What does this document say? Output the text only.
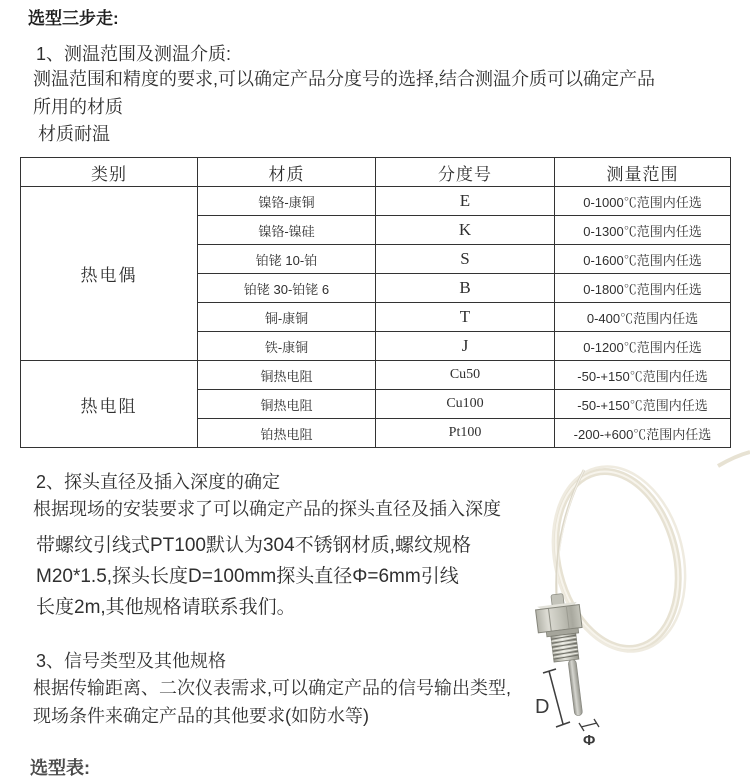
选型三步走:
1、测温范围及测温介质:
测温范围和精度的要求,可以确定产品分度号的选择,结合测温介质可以确定产品
所用的材质
材质耐温
类别	材质	分度号	测量范围
热电偶	镍铬-康铜	E	0-1000℃范围内任选
	镍铬-镍硅	K	0-1300℃范围内任选
	铂铑 10-铂	S	0-1600℃范围内任选
	铂铑 30-铂铑 6	B	0-1800℃范围内任选
	铜-康铜	T	0-400℃范围内任选
	铁-康铜	J	0-1200℃范围内任选
热电阻	铜热电阻	Cu50	-50-+150℃范围内任选
	铜热电阻	Cu100	-50-+150℃范围内任选
	铂热电阻	Pt100	-200-+600℃范围内任选
2、探头直径及插入深度的确定
根据现场的安装要求了可以确定产品的探头直径及插入深度
带螺纹引线式PT100默认为304不锈钢材质,螺纹规格
M20*1.5,探头长度D=100mm探头直径Φ=6mm引线
长度2m,其他规格请联系我们。
3、信号类型及其他规格
根据传输距离、二次仪表需求,可以确定产品的信号输出类型,
现场条件来确定产品的其他要求(如防水等)
选型表:
D
Φ
